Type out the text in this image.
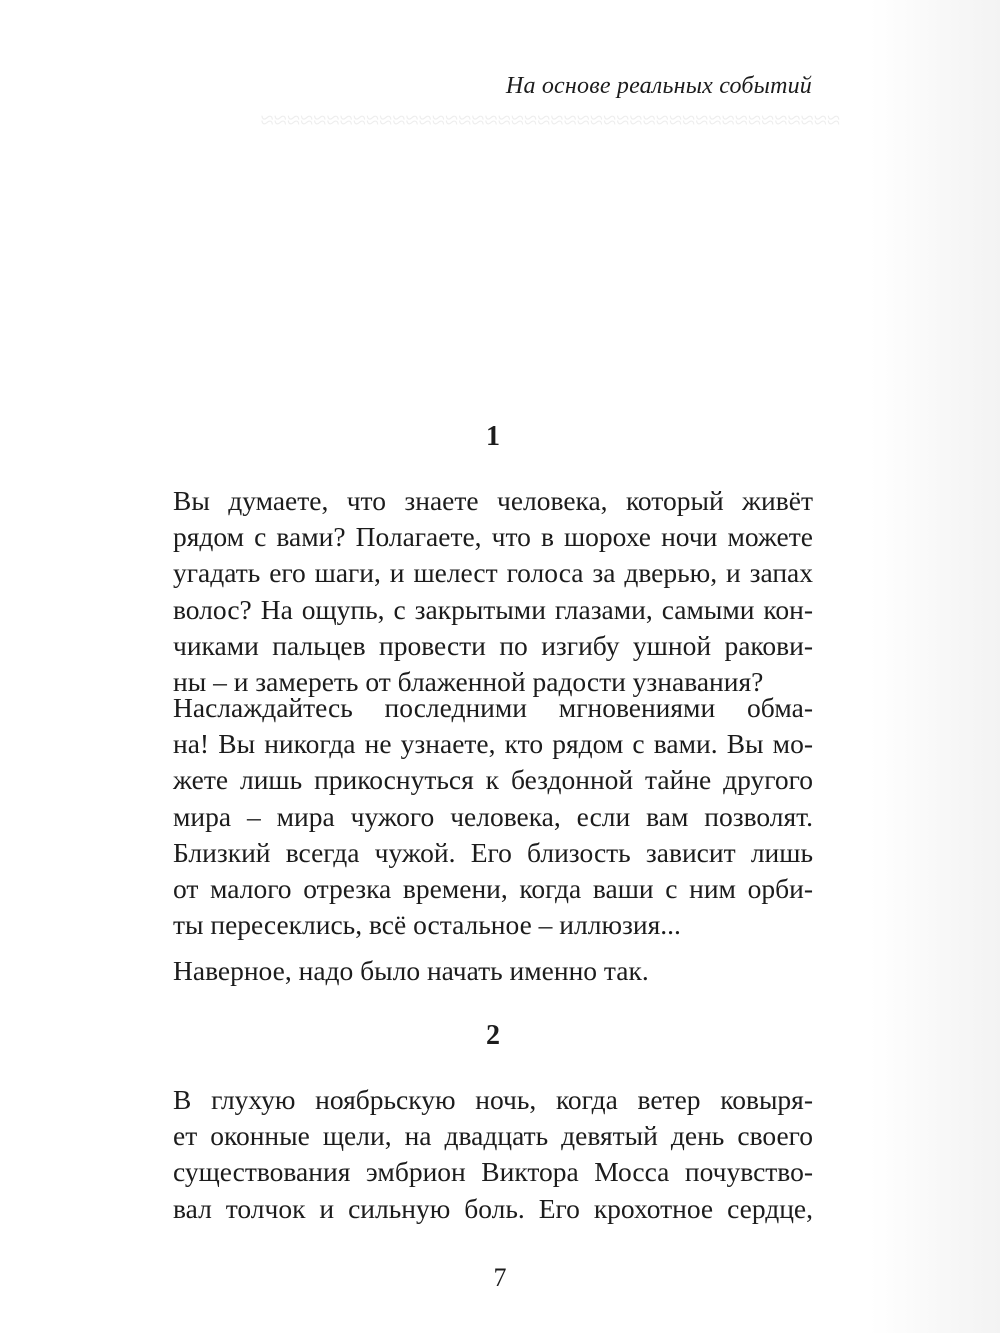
≈≈≈≈≈≈≈≈≈≈≈≈≈≈≈≈≈≈≈≈≈≈≈≈≈≈≈≈≈≈≈≈≈≈≈≈≈≈≈≈≈≈≈≈

На основе реальных событий
1
Вы думаете, что знаете человека, который живёт
рядом с вами? Полагаете, что в шорохе ночи можете
угадать его шаги, и шелест голоса за дверью, и запах
волос? На ощупь, с закрытыми глазами, самыми кон-
чиками пальцев провести по изгибу ушной ракови-
ны – и замереть от блаженной радости узнавания?
Наслаждайтесь последними мгновениями обма-
на! Вы никогда не узнаете, кто рядом с вами. Вы мо-
жете лишь прикоснуться к бездонной тайне другого
мира – мира чужого человека, если вам позволят.
Близкий всегда чужой. Его близость зависит лишь
от малого отрезка времени, когда ваши с ним орби-
ты пересеклись, всё остальное – иллюзия...
Наверное, надо было начать именно так.
2
В глухую ноябрьскую ночь, когда ветер ковыря-
ет оконные щели, на двадцать девятый день своего
существования эмбрион Виктора Мосса почувство-
вал толчок и сильную боль. Его крохотное сердце,
7
